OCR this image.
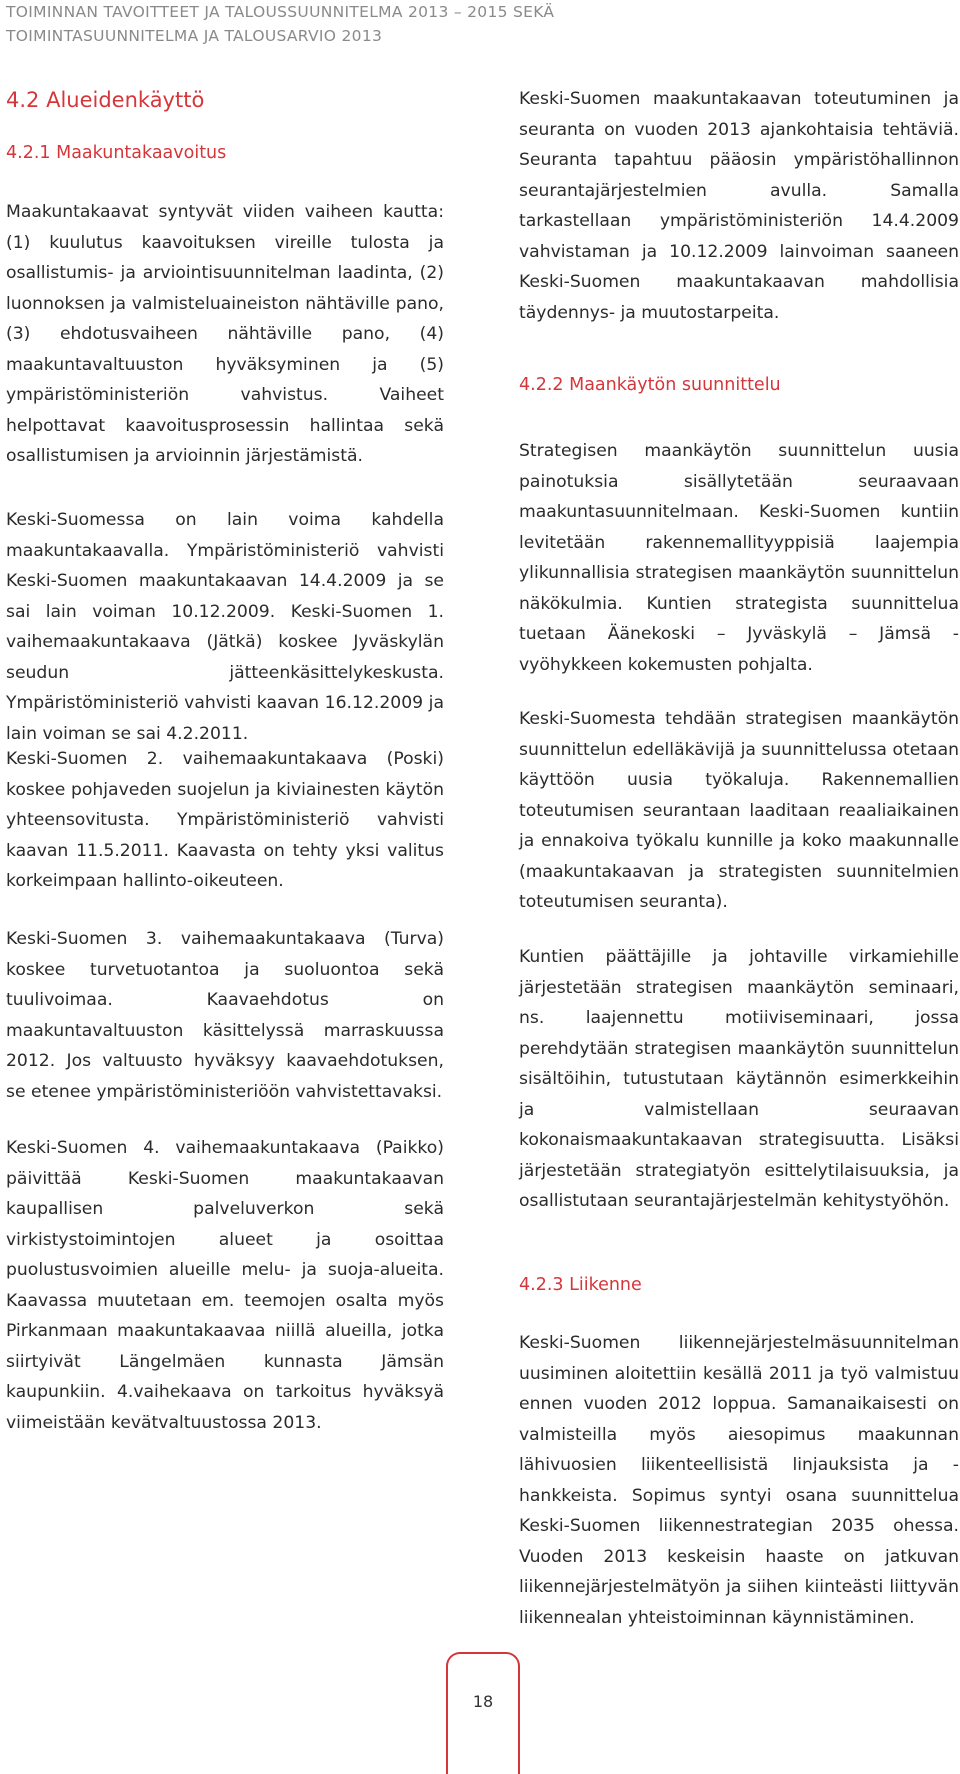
TOIMINNAN TAVOITTEET JA TALOUSSUUNNITELMA 2013 – 2015 SEKÄ
TOIMINTASUUNNITELMA JA TALOUSARVIO 2013
4.2 Alueidenkäyttö
4.2.1 Maakuntakaavoitus

Maakuntakaavat syntyvät viiden vaiheen kautta: (1) kuulutus kaavoituksen vireille tulosta ja osallistumis- ja arviointisuunnitelman laadinta, (2) luonnoksen ja valmisteluaineiston nähtäville pano, (3) ehdotusvaiheen nähtäville pano, (4) maakuntavaltuuston hyväksyminen ja (5) ympäristöministeriön vahvistus. Vaiheet helpottavat kaavoitusprosessin hallintaa sekä osallistumisen ja arvioinnin järjestämistä.

Keski-Suomessa on lain voima kahdella maakuntakaavalla. Ympäristöministeriö vahvisti Keski-Suomen maakuntakaavan 14.4.2009 ja se sai lain voiman 10.12.2009. Keski-Suomen 1. vaihemaakuntakaava (Jätkä) koskee Jyväskylän seudun jätteenkäsittelykeskusta. Ympäristöministeriö vahvisti kaavan 16.12.2009 ja lain voiman se sai 4.2.2011.

Keski-Suomen 2. vaihemaakuntakaava (Poski) koskee pohjaveden suojelun ja kiviainesten käytön yhteensovitusta. Ympäristöministeriö vahvisti kaavan 11.5.2011. Kaavasta on tehty yksi valitus korkeimpaan hallinto-oikeuteen.

Keski-Suomen 3. vaihemaakuntakaava (Turva) koskee turvetuotantoa ja suoluontoa sekä tuulivoimaa. Kaavaehdotus on maakuntavaltuuston käsittelyssä marraskuussa 2012. Jos valtuusto hyväksyy kaavaehdotuksen, se etenee ympäristöministeriöön vahvistettavaksi.

Keski-Suomen 4. vaihemaakuntakaava (Paikko) päivittää Keski-Suomen maakuntakaavan kaupallisen palveluverkon sekä virkistystoimintojen alueet ja osoittaa puolustusvoimien alueille melu- ja suoja-alueita. Kaavassa muutetaan em. teemojen osalta myös Pirkanmaan maakuntakaavaa niillä alueilla, jotka siirtyivät Längelmäen kunnasta Jämsän kaupunkiin. 4.vaihekaava on tarkoitus hyväksyä viimeistään kevätvaltuustossa 2013.

Keski-Suomen maakuntakaavan toteutuminen ja seuranta on vuoden 2013 ajankohtaisia tehtäviä. Seuranta tapahtuu pääosin ympäristöhallinnon seurantajärjestelmien avulla. Samalla tarkastellaan ympäristöministeriön 14.4.2009 vahvistaman ja 10.12.2009 lainvoiman saaneen Keski-Suomen maakuntakaavan mahdollisia täydennys- ja muutostarpeita.

4.2.2 Maankäytön suunnittelu

Strategisen maankäytön suunnittelun uusia painotuksia sisällytetään seuraavaan maakuntasuunnitelmaan. Keski-Suomen kuntiin levitetään rakennemallityyppisiä laajempia ylikunnallisia strategisen maankäytön suunnittelun näkökulmia. Kuntien strategista suunnittelua tuetaan Äänekoski – Jyväskylä – Jämsä -vyöhykkeen kokemusten pohjalta.

Keski-Suomesta tehdään strategisen maankäytön suunnittelun edelläkävijä ja suunnittelussa otetaan käyttöön uusia työkaluja. Rakennemallien toteutumisen seurantaan laaditaan reaaliaikainen ja ennakoiva työkalu kunnille ja koko maakunnalle (maakuntakaavan ja strategisten suunnitelmien toteutumisen seuranta).

Kuntien päättäjille ja johtaville virkamiehille järjestetään strategisen maankäytön seminaari, ns. laajennettu motiiviseminaari, jossa perehdytään strategisen maankäytön suunnittelun sisältöihin, tutustutaan käytännön esimerkkeihin ja valmistellaan seuraavan kokonaismaakuntakaavan strategisuutta. Lisäksi järjestetään strategiatyön esittelytilaisuuksia, ja osallistutaan seurantajärjestelmän kehitystyöhön.

4.2.3 Liikenne

Keski-Suomen liikennejärjestelmäsuunnitelman uusiminen aloitettiin kesällä 2011 ja työ valmistuu ennen vuoden 2012 loppua. Samanaikaisesti on valmisteilla myös aiesopimus maakunnan lähivuosien liikenteellisistä linjauksista ja -hankkeista. Sopimus syntyi osana suunnittelua Keski-Suomen liikennestrategian 2035 ohessa. Vuoden 2013 keskeisin haaste on jatkuvan liikennejärjestelmätyön ja siihen kiinteästi liittyvän liikennealan yhteistoiminnan käynnistäminen.

18
